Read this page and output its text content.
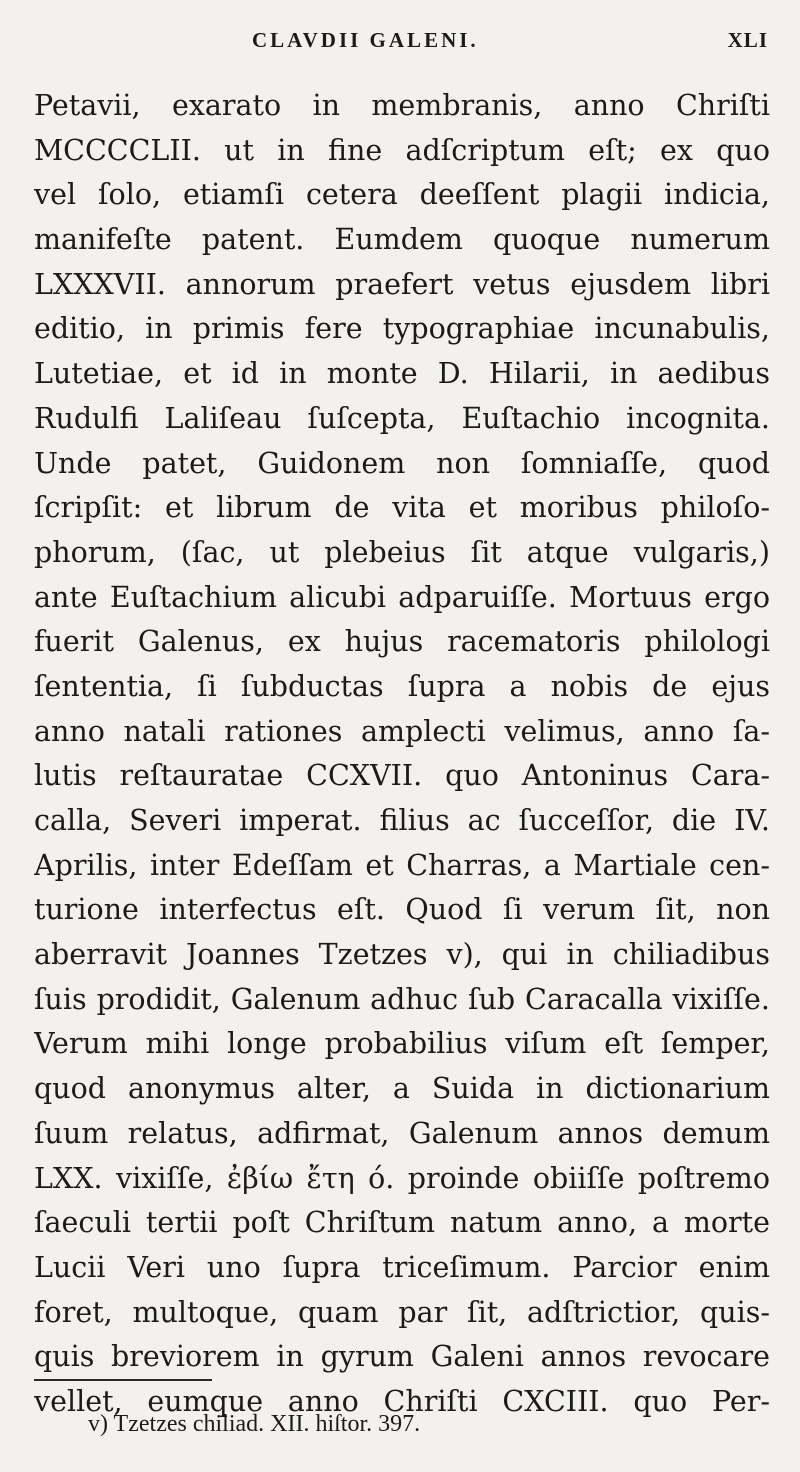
CLAVDII GALENI.	XLI
Petavii, exarato in membranis, anno Chriſti
MCCCCLII. ut in fine adſcriptum eſt; ex quo
vel ſolo, etiamſi cetera deeſſent plagii indicia,
manifeſte patent. Eumdem quoque numerum
LXXXVII. annorum praefert vetus ejusdem libri
editio, in primis fere typographiae incunabulis,
Lutetiae, et id in monte D. Hilarii, in aedibus
Rudulfi Laliſeau ſuſcepta, Euſtachio incognita.
Unde patet, Guidonem non ſomniaſſe, quod
ſcripſit: et librum de vita et moribus philoſo-
phorum, (ſac, ut plebeius ſit atque vulgaris,)
ante Euſtachium alicubi adparuiſſe. Mortuus ergo
fuerit Galenus, ex hujus racematoris philologi
ſententia, ſi ſubductas ſupra a nobis de ejus
anno natali rationes amplecti velimus, anno ſa-
lutis reſtauratae CCXVII. quo Antoninus Cara-
calla, Severi imperat. filius ac ſucceſſor, die IV.
Aprilis, inter Edeſſam et Charras, a Martiale cen-
turione interfectus eſt. Quod ſi verum ſit, non
aberravit Joannes Tzetzes v), qui in chiliadibus
ſuis prodidit, Galenum adhuc ſub Caracalla vixiſſe.
Verum mihi longe probabilius viſum eſt ſemper,
quod anonymus alter, a Suida in dictionarium
ſuum relatus, adfirmat, Galenum annos demum
LXX. vixiſſe, ἐβίω ἔτη ό. proinde obiiſſe poſtremo
ſaeculi tertii poſt Chriſtum natum anno, a morte
Lucii Veri uno ſupra triceſimum. Parcior enim
foret, multoque, quam par ſit, adſtrictior, quis-
quis breviorem in gyrum Galeni annos revocare
vellet, eumque anno Chriſti CXCIII. quo Per-
v) Tzetzes chiliad. XII. hiſtor. 397.
